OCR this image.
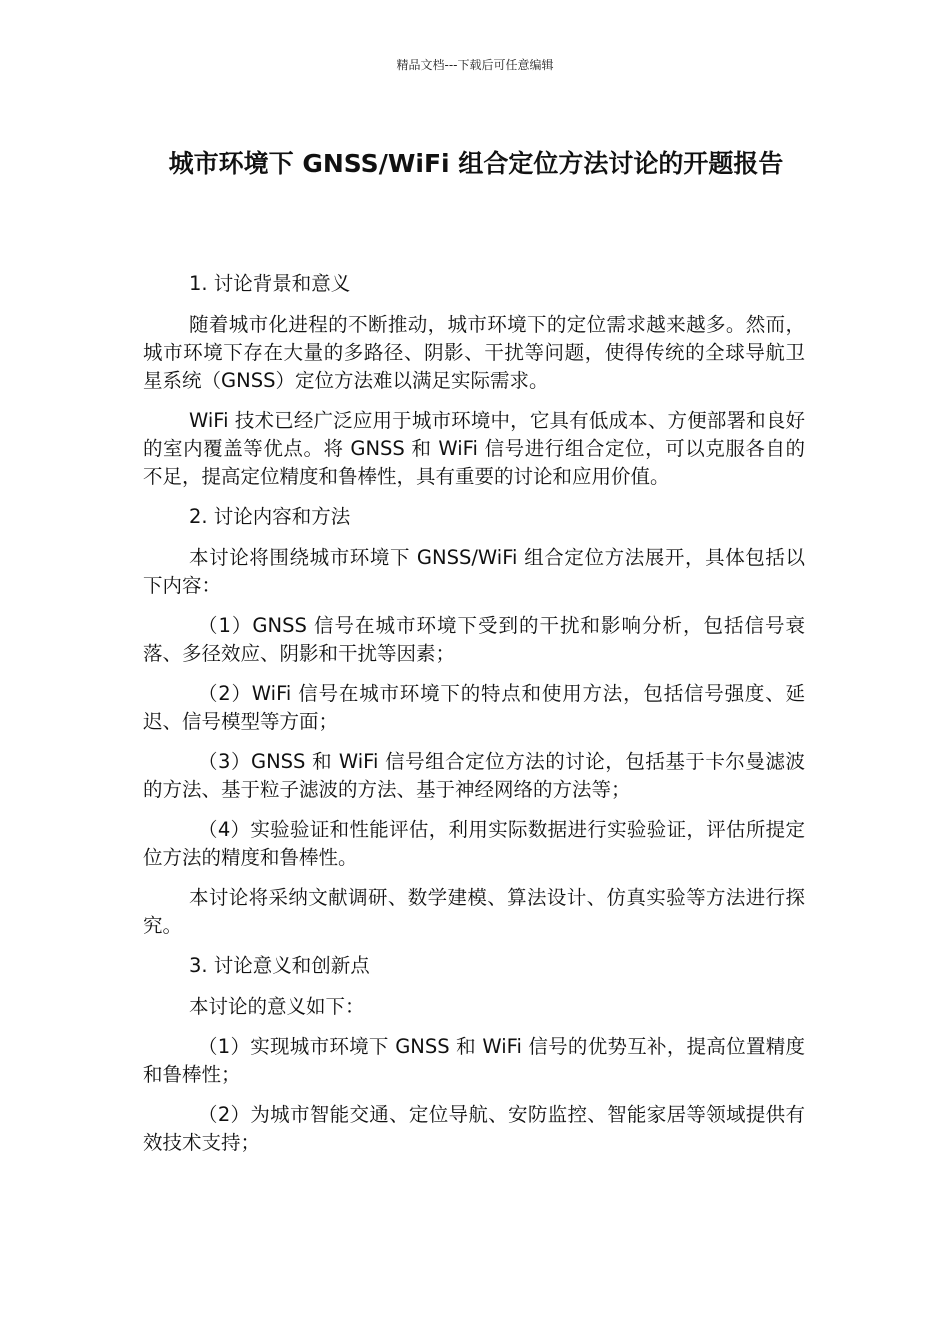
精品文档---下载后可任意编辑
城市环境下 GNSS/WiFi 组合定位方法讨论的开题报告

1. 讨论背景和意义

随着城市化进程的不断推动，城市环境下的定位需求越来越多。然而，城市环境下存在大量的多路径、阴影、干扰等问题，使得传统的全球导航卫星系统（GNSS）定位方法难以满足实际需求。

WiFi 技术已经广泛应用于城市环境中，它具有低成本、方便部署和良好的室内覆盖等优点。将 GNSS 和 WiFi 信号进行组合定位，可以克服各自的不足，提高定位精度和鲁棒性，具有重要的讨论和应用价值。

2. 讨论内容和方法

本讨论将围绕城市环境下 GNSS/WiFi 组合定位方法展开，具体包括以下内容：

（1）GNSS 信号在城市环境下受到的干扰和影响分析，包括信号衰落、多径效应、阴影和干扰等因素；

（2）WiFi 信号在城市环境下的特点和使用方法，包括信号强度、延迟、信号模型等方面；

（3）GNSS 和 WiFi 信号组合定位方法的讨论，包括基于卡尔曼滤波的方法、基于粒子滤波的方法、基于神经网络的方法等；

（4）实验验证和性能评估，利用实际数据进行实验验证，评估所提定位方法的精度和鲁棒性。

本讨论将采纳文献调研、数学建模、算法设计、仿真实验等方法进行探究。

3. 讨论意义和创新点

本讨论的意义如下：

（1）实现城市环境下 GNSS 和 WiFi 信号的优势互补，提高位置精度和鲁棒性；

（2）为城市智能交通、定位导航、安防监控、智能家居等领域提供有效技术支持；
